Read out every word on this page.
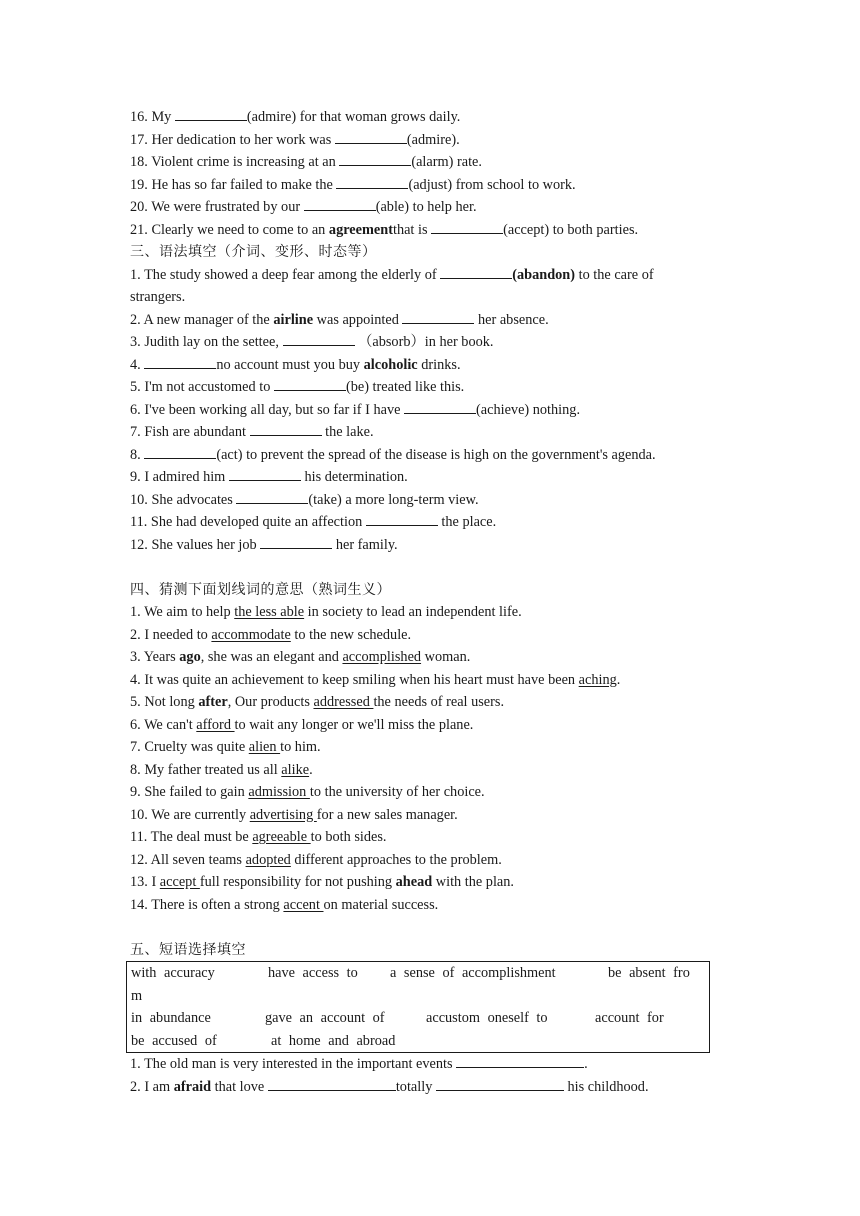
16. My	(admire) for that woman grows daily.
17. Her dedication to her work was	(admire).
18. Violent crime is increasing at an	(alarm) rate.
19. He has so far failed to make the	(adjust) from school to work.
20. We were frustrated by our	(able) to help her.
21. Clearly we need to come to an agreementthat is	(accept) to both parties.
三、语法填空（介词、变形、时态等）
1. The study showed a deep fear among the elderly of	(abandon) to the care of
strangers.
2. A new manager of the airline was appointed	her absence.
3. Judith lay on the settee,	（absorb）in her book.
4.	no account must you buy alcoholic drinks.
5. I'm not accustomed to	(be) treated like this.
6. I've been working all day, but so far if I have	(achieve) nothing.
7. Fish are abundant	the lake.
8.	(act) to prevent the spread of the disease is high on the government's agenda.
9. I admired him	his determination.
10. She advocates	(take) a more long-term view.
11. She had developed quite an affection	the place.
12. She values her job	her family.
四、猜测下面划线词的意思（熟词生义）
1. We aim to help the less able in society to lead an independent life.
2. I needed to accommodate to the new schedule.
3. Years ago, she was an elegant and accomplished woman.
4. It was quite an achievement to keep smiling when his heart must have been aching.
5. Not long after, Our products addressed the needs of real users.
6. We can't afford to wait any longer or we'll miss the plane.
7. Cruelty was quite alien to him.
8. My father treated us all alike.
9. She failed to gain admission to the university of her choice.
10. We are currently advertising for a new sales manager.
11. The deal must be agreeable to both sides.
12. All seven teams adopted different approaches to the problem.
13. I accept full responsibility for not pushing ahead with the plan.
14. There is often a strong accent on material success.
五、短语选择填空
with accuracy	have access to a sense of accomplishment	be absent fro
m
in abundance	gave an account of	accustom oneself to	account for
be accused of	at home and abroad
1. The old man is very interested in the important events	.
2. I am afraid that love	totally	his childhood.
